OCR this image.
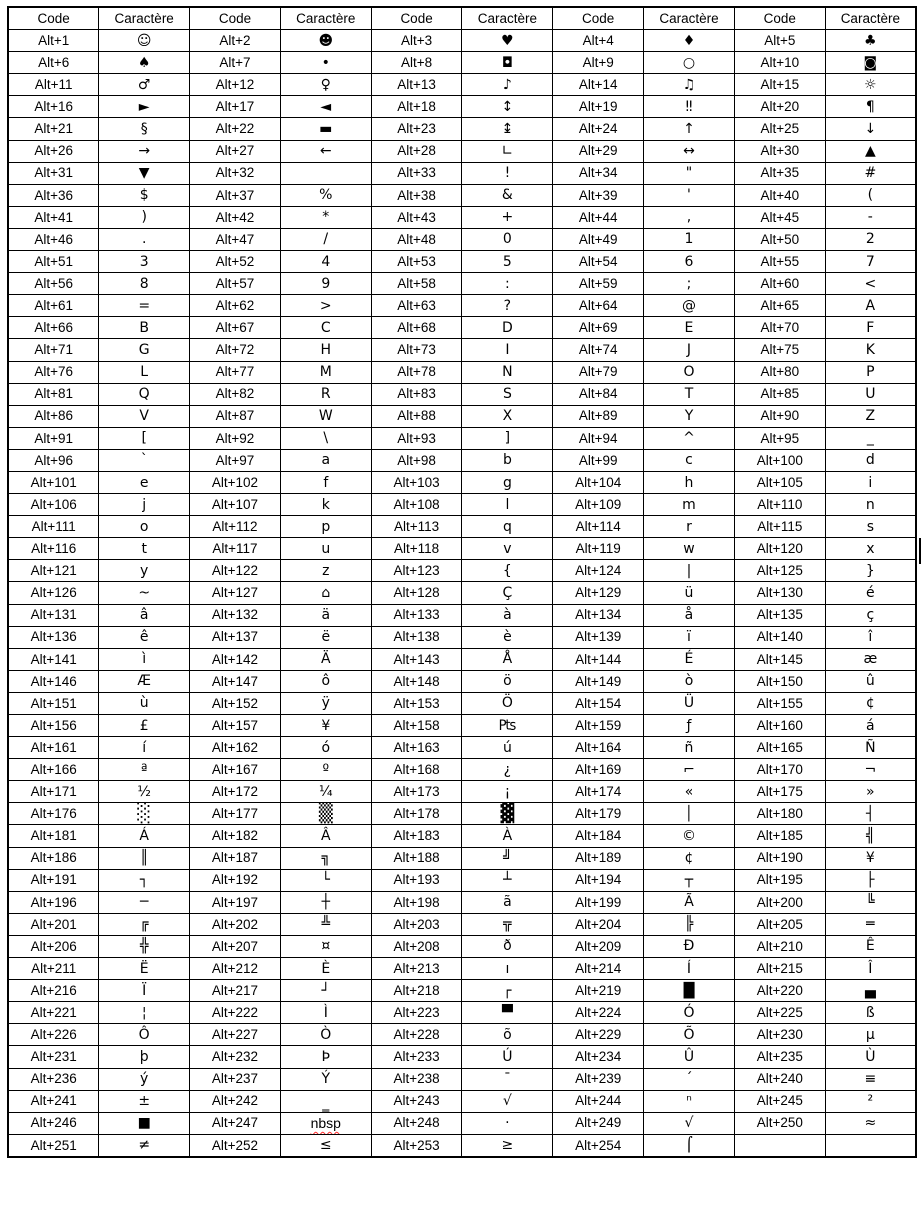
Code	Caractère	Code	Caractère	Code	Caractère	Code	Caractère	Code	Caractère
Alt+1	☺	Alt+2	☻	Alt+3	♥	Alt+4	♦	Alt+5	♣
Alt+6	♠	Alt+7	•	Alt+8	◘	Alt+9	○	Alt+10	◙
Alt+11	♂	Alt+12	♀	Alt+13	♪	Alt+14	♫	Alt+15	☼
Alt+16	►	Alt+17	◄	Alt+18	↕	Alt+19	‼	Alt+20	¶
Alt+21	§	Alt+22	▬	Alt+23	↨	Alt+24	↑	Alt+25	↓
Alt+26	→	Alt+27	←	Alt+28	∟	Alt+29	↔	Alt+30	▲
Alt+31	▼	Alt+32		Alt+33	!	Alt+34	"	Alt+35	#
Alt+36	$	Alt+37	%	Alt+38	&	Alt+39	'	Alt+40	(
Alt+41	)	Alt+42	*	Alt+43	+	Alt+44	,	Alt+45	-
Alt+46	.	Alt+47	/	Alt+48	0	Alt+49	1	Alt+50	2
Alt+51	3	Alt+52	4	Alt+53	5	Alt+54	6	Alt+55	7
Alt+56	8	Alt+57	9	Alt+58	:	Alt+59	;	Alt+60	<
Alt+61	=	Alt+62	>	Alt+63	?	Alt+64	@	Alt+65	A
Alt+66	B	Alt+67	C	Alt+68	D	Alt+69	E	Alt+70	F
Alt+71	G	Alt+72	H	Alt+73	I	Alt+74	J	Alt+75	K
Alt+76	L	Alt+77	M	Alt+78	N	Alt+79	O	Alt+80	P
Alt+81	Q	Alt+82	R	Alt+83	S	Alt+84	T	Alt+85	U
Alt+86	V	Alt+87	W	Alt+88	X	Alt+89	Y	Alt+90	Z
Alt+91	[	Alt+92	\	Alt+93	]	Alt+94	^	Alt+95	_
Alt+96	`	Alt+97	a	Alt+98	b	Alt+99	c	Alt+100	d
Alt+101	e	Alt+102	f	Alt+103	g	Alt+104	h	Alt+105	i
Alt+106	j	Alt+107	k	Alt+108	l	Alt+109	m	Alt+110	n
Alt+111	o	Alt+112	p	Alt+113	q	Alt+114	r	Alt+115	s
Alt+116	t	Alt+117	u	Alt+118	v	Alt+119	w	Alt+120	x
Alt+121	y	Alt+122	z	Alt+123	{	Alt+124	|	Alt+125	}
Alt+126	~	Alt+127	⌂	Alt+128	Ç	Alt+129	ü	Alt+130	é
Alt+131	â	Alt+132	ä	Alt+133	à	Alt+134	å	Alt+135	ç
Alt+136	ê	Alt+137	ë	Alt+138	è	Alt+139	ï	Alt+140	î
Alt+141	ì	Alt+142	Ä	Alt+143	Å	Alt+144	É	Alt+145	æ
Alt+146	Æ	Alt+147	ô	Alt+148	ö	Alt+149	ò	Alt+150	û
Alt+151	ù	Alt+152	ÿ	Alt+153	Ö	Alt+154	Ü	Alt+155	¢
Alt+156	£	Alt+157	¥	Alt+158	₧	Alt+159	ƒ	Alt+160	á
Alt+161	í	Alt+162	ó	Alt+163	ú	Alt+164	ñ	Alt+165	Ñ
Alt+166	ª	Alt+167	º	Alt+168	¿	Alt+169	⌐	Alt+170	¬
Alt+171	½	Alt+172	¼	Alt+173	¡	Alt+174	«	Alt+175	»
Alt+176	░	Alt+177	▒	Alt+178	▓	Alt+179	│	Alt+180	┤
Alt+181	Á	Alt+182	Â	Alt+183	À	Alt+184	©	Alt+185	╣
Alt+186	║	Alt+187	╗	Alt+188	╝	Alt+189	¢	Alt+190	¥
Alt+191	┐	Alt+192	└	Alt+193	┴	Alt+194	┬	Alt+195	├
Alt+196	─	Alt+197	┼	Alt+198	ã	Alt+199	Ã	Alt+200	╚
Alt+201	╔	Alt+202	╩	Alt+203	╦	Alt+204	╠	Alt+205	═
Alt+206	╬	Alt+207	¤	Alt+208	ð	Alt+209	Ð	Alt+210	Ê
Alt+211	Ë	Alt+212	È	Alt+213	ı	Alt+214	Í	Alt+215	Î
Alt+216	Ï	Alt+217	┘	Alt+218	┌	Alt+219	█	Alt+220	▄
Alt+221	¦	Alt+222	Ì	Alt+223	▀	Alt+224	Ó	Alt+225	ß
Alt+226	Ô	Alt+227	Ò	Alt+228	õ	Alt+229	Õ	Alt+230	µ
Alt+231	þ	Alt+232	Þ	Alt+233	Ú	Alt+234	Û	Alt+235	Ù
Alt+236	ý	Alt+237	Ý	Alt+238	¯	Alt+239	´	Alt+240	≡
Alt+241	±	Alt+242	‗	Alt+243	√	Alt+244	ⁿ	Alt+245	²
Alt+246	■	Alt+247	nbsp	Alt+248	·	Alt+249	√	Alt+250	≈
Alt+251	≠	Alt+252	≤	Alt+253	≥	Alt+254	⌠		
